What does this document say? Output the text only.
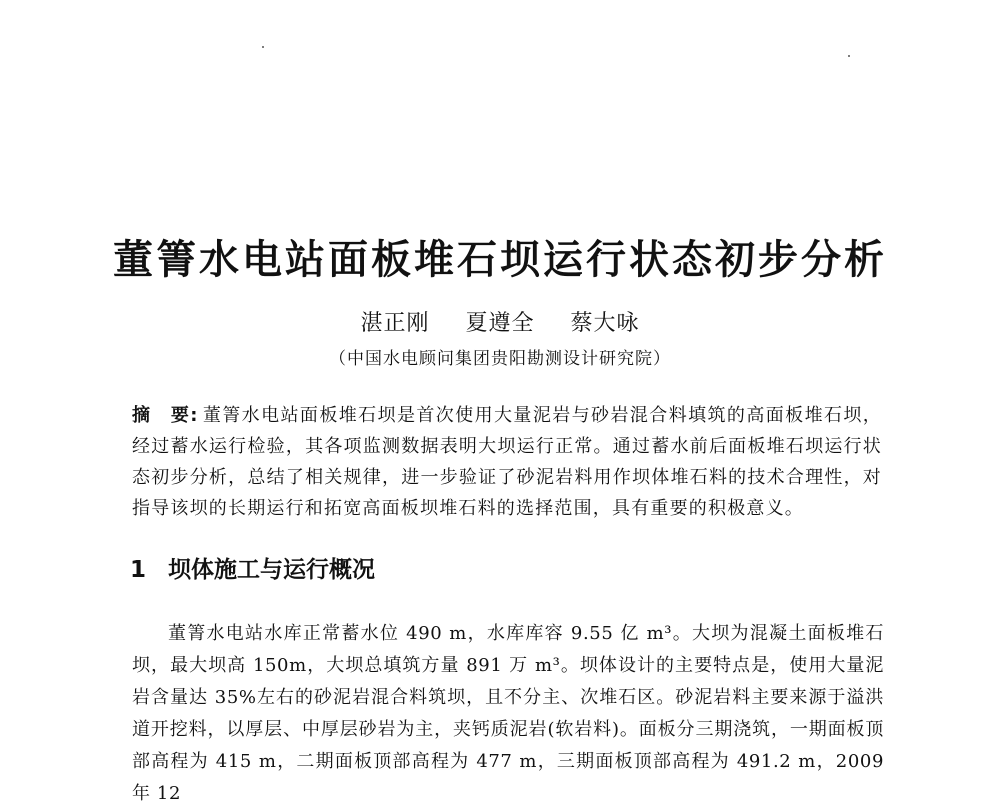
董箐水电站面板堆石坝运行状态初步分析
湛正刚 夏遵全 蔡大咏
（中国水电顾问集团贵阳勘测设计研究院）
摘　要: 董箐水电站面板堆石坝是首次使用大量泥岩与砂岩混合料填筑的高面板堆石坝，经过蓄水运行检验，其各项监测数据表明大坝运行正常。通过蓄水前后面板堆石坝运行状态初步分析，总结了相关规律，进一步验证了砂泥岩料用作坝体堆石料的技术合理性，对指导该坝的长期运行和拓宽高面板坝堆石料的选择范围，具有重要的积极意义。
1 坝体施工与运行概况
董箐水电站水库正常蓄水位 490 m，水库库容 9.55 亿 m³。大坝为混凝土面板堆石坝，最大坝高 150m，大坝总填筑方量 891 万 m³。坝体设计的主要特点是，使用大量泥岩含量达 35%左右的砂泥岩混合料筑坝，且不分主、次堆石区。砂泥岩料主要来源于溢洪道开挖料，以厚层、中厚层砂岩为主，夹钙质泥岩(软岩料)。面板分三期浇筑，一期面板顶部高程为 415 m，二期面板顶部高程为 477 m，三期面板顶部高程为 491.2 m，2009 年 12
